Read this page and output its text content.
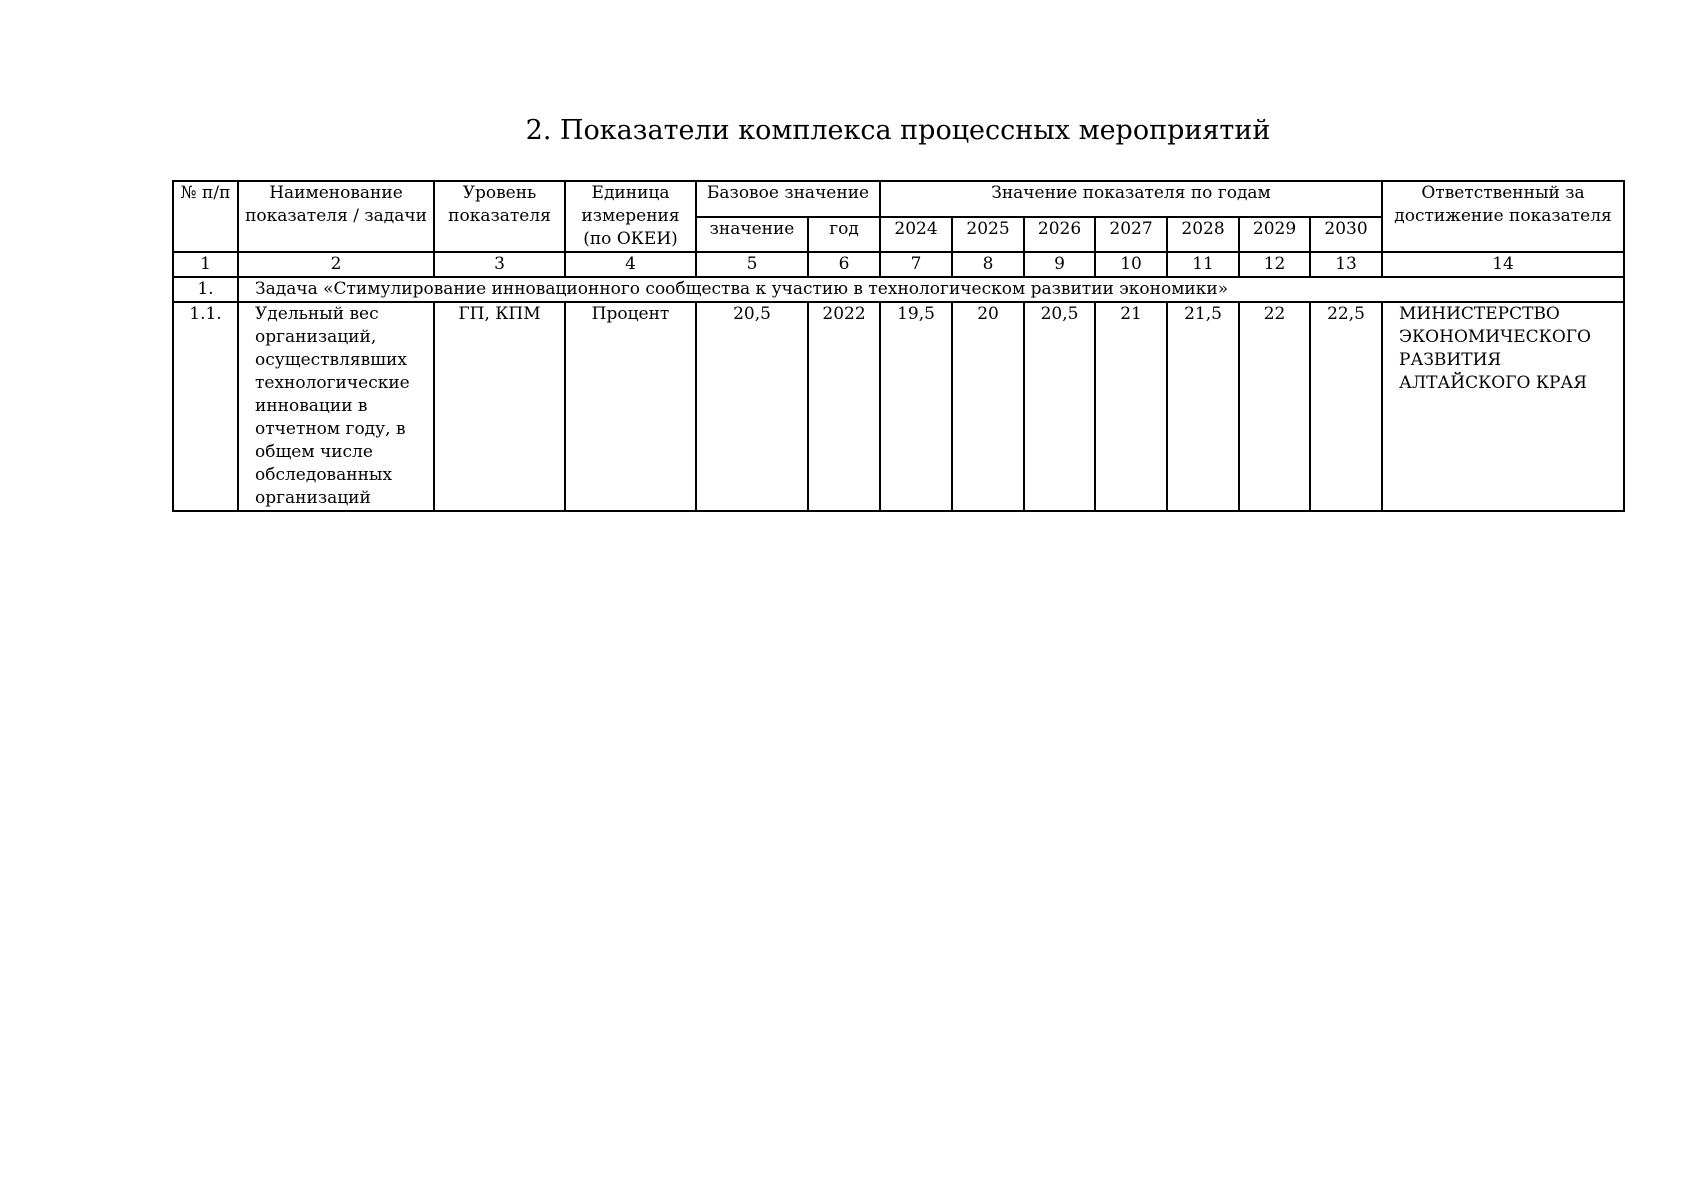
2. Показатели комплекса процессных мероприятий
№ п/п	Наименование показателя / задачи	Уровень показателя	Единица измерения (по ОКЕИ)	Базовое значение		Значение показателя по годам							Ответственный за достижение показателя
				значение	год	2024	2025	2026	2027	2028	2029	2030	
1	2	3	4	5	6	7	8	9	10	11	12	13	14
1.	Задача «Стимулирование инновационного сообщества к участию в технологическом развитии экономики»												
1.1.	Удельный вес организаций, осуществлявших технологические инновации в отчетном году, в общем числе обследованных организаций	ГП, КПМ	Процент	20,5	2022	19,5	20	20,5	21	21,5	22	22,5	МИНИСТЕРСТВО ЭКОНОМИЧЕСКОГО РАЗВИТИЯ АЛТАЙСКОГО КРАЯ
